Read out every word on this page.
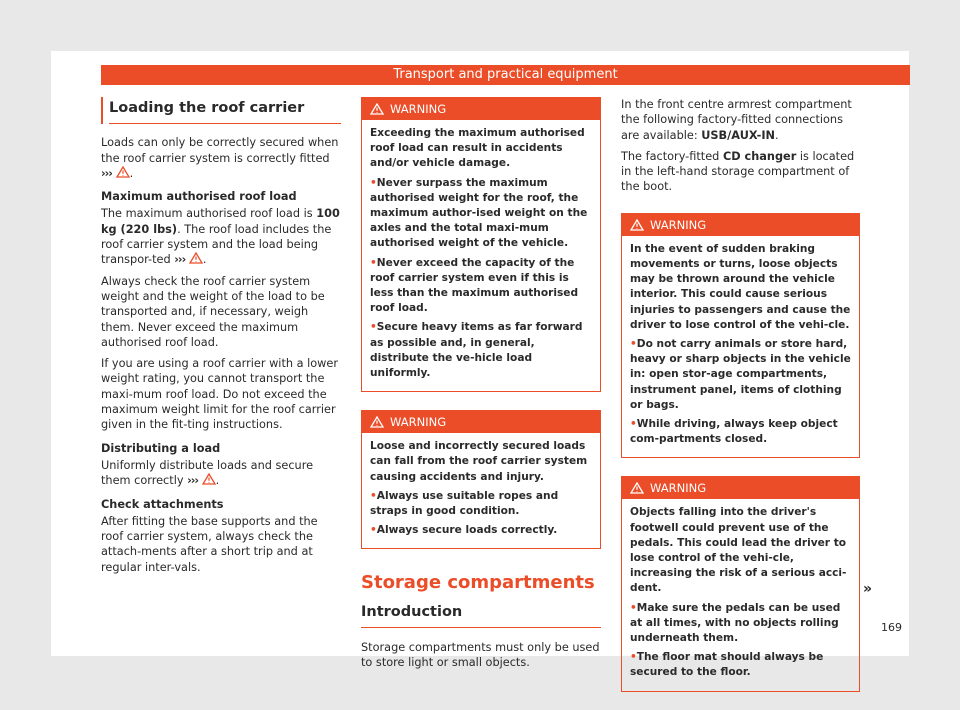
Transport and practical equipment
Loading the roof carrier

Loads can only be correctly secured when the roof carrier system is correctly fitted
››› .

Maximum authorised roof load

The maximum authorised roof load is 100 kg (220 lbs). The roof load includes the roof carrier system and the load being transpor-ted ››› .

Always check the roof carrier system weight and the weight of the load to be transported and, if necessary, weigh them. Never exceed the maximum authorised roof load.

If you are using a roof carrier with a lower weight rating, you cannot transport the maxi-mum roof load. Do not exceed the maximum weight limit for the roof carrier given in the fit-ting instructions.

Distributing a load

Uniformly distribute loads and secure them correctly ››› .

Check attachments

After fitting the base supports and the roof carrier system, always check the attach-ments after a short trip and at regular inter-vals.

WARNING

Exceeding the maximum authorised roof load can result in accidents and/or vehicle damage.

• Never surpass the maximum authorised weight for the roof, the maximum author-ised weight on the axles and the total maxi-mum authorised weight of the vehicle.

• Never exceed the capacity of the roof carrier system even if this is less than the maximum authorised roof load.

• Secure heavy items as far forward as possible and, in general, distribute the ve-hicle load uniformly.

WARNING

Loose and incorrectly secured loads can fall from the roof carrier system causing accidents and injury.

• Always use suitable ropes and straps in good condition.

• Always secure loads correctly.

Storage compartments
Introduction

Storage compartments must only be used to store light or small objects.

In the front centre armrest compartment the following factory-fitted connections are available: USB/AUX-IN.

The factory-fitted CD changer is located in the left-hand storage compartment of the boot.

WARNING

In the event of sudden braking movements or turns, loose objects may be thrown around the vehicle interior. This could cause serious injuries to passengers and cause the driver to lose control of the vehi-cle.

• Do not carry animals or store hard, heavy or sharp objects in the vehicle in: open stor-age compartments, instrument panel, items of clothing or bags.

• While driving, always keep object com-partments closed.

WARNING

Objects falling into the driver's footwell could prevent use of the pedals. This could lead the driver to lose control of the vehi-cle, increasing the risk of a serious acci-dent.

• Make sure the pedals can be used at all times, with no objects rolling underneath them.

• The floor mat should always be secured to the floor.

»
169
